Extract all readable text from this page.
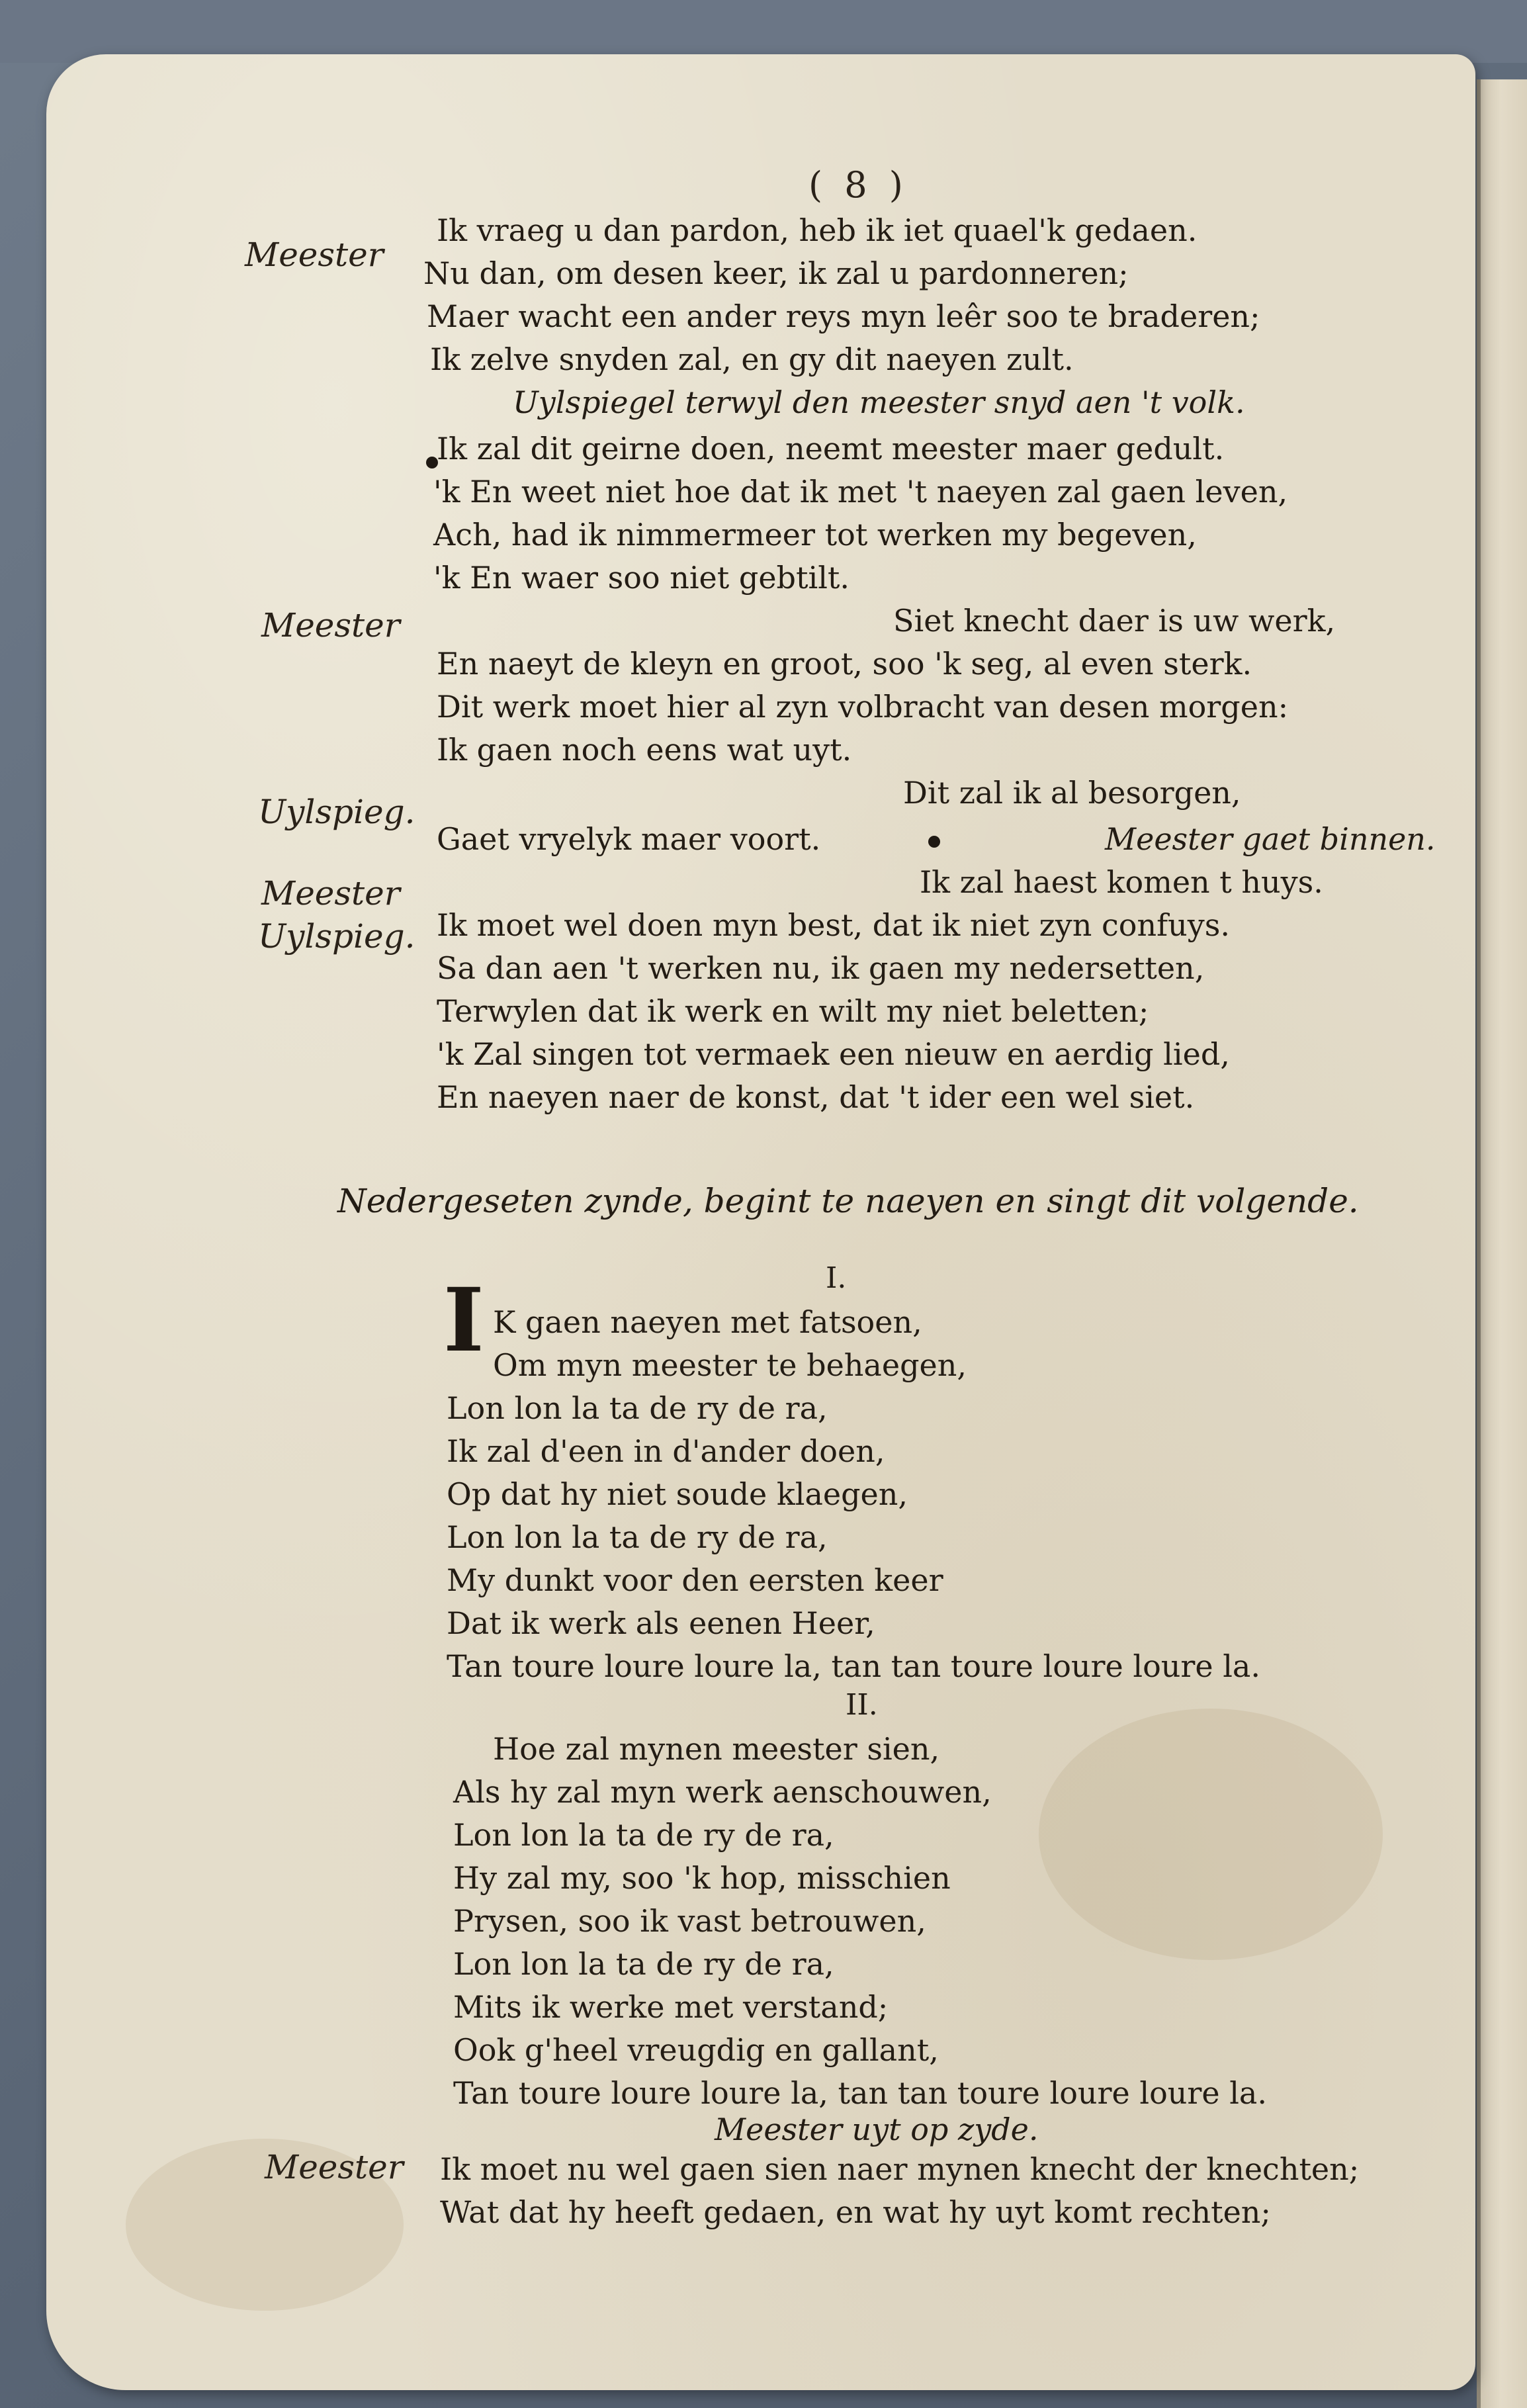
( 8 )
Meester
Meester
Uylspieg.
Meester
Uylspieg.
Meester
Ik vraeg u dan pardon, heb ik iet quael'k gedaen.
Nu dan, om desen keer, ik zal u pardonneren;
Maer wacht een ander reys myn leêr soo te braderen;
Ik zelve snyden zal, en gy dit naeyen zult.
Uylspiegel terwyl den meester snyd aen 't volk.
Ik zal dit geirne doen, neemt meester maer gedult.
'k En weet niet hoe dat ik met 't naeyen zal gaen leven,
Ach, had ik nimmermeer tot werken my begeven,
'k En waer soo niet gebtilt.
Siet knecht daer is uw werk,
En naeyt de kleyn en groot, soo 'k seg, al even sterk.
Dit werk moet hier al zyn volbracht van desen morgen:
Ik gaen noch eens wat uyt.
Dit zal ik al besorgen,
Gaet vryelyk maer voort.	Meester gaet binnen.
Ik zal haest komen t huys.
Ik moet wel doen myn best, dat ik niet zyn confuys.
Sa dan aen 't werken nu, ik gaen my nedersetten,
Terwylen dat ik werk en wilt my niet beletten;
'k Zal singen tot vermaek een nieuw en aerdig lied,
En naeyen naer de konst, dat 't ider een wel siet.
Nedergeseten zynde, begint te naeyen en singt dit volgende.
I.
I K gaen naeyen met fatsoen,
Om myn meester te behaegen,
Lon lon la ta de ry de ra,
Ik zal d'een in d'ander doen,
Op dat hy niet soude klaegen,
Lon lon la ta de ry de ra,
My dunkt voor den eersten keer
Dat ik werk als eenen Heer,
Tan toure loure loure la, tan tan toure loure loure la.
II.
Hoe zal mynen meester sien,
Als hy zal myn werk aenschouwen,
Lon lon la ta de ry de ra,
Hy zal my, soo 'k hop, misschien
Prysen, soo ik vast betrouwen,
Lon lon la ta de ry de ra,
Mits ik werke met verstand;
Ook g'heel vreugdig en gallant,
Tan toure loure loure la, tan tan toure loure loure la.
Meester uyt op zyde.
Ik moet nu wel gaen sien naer mynen knecht der knechten;
Wat dat hy heeft gedaen, en wat hy uyt komt rechten;
